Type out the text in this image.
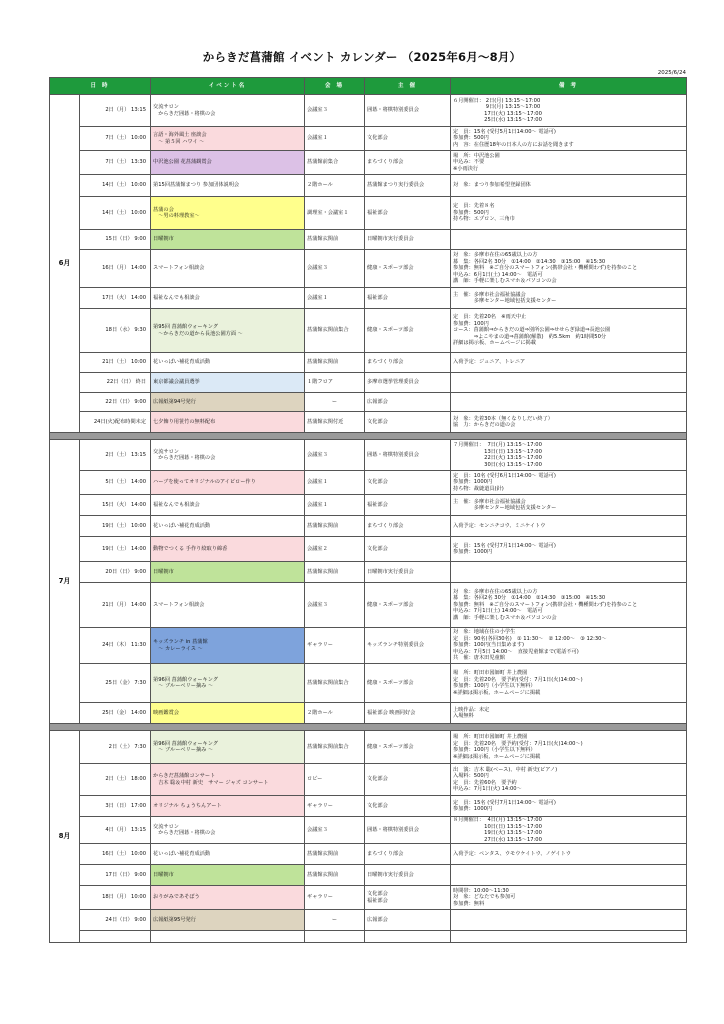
からきだ菖蒲館 イベント カレンダー （2025年6月～8月）
2025/6/24
日 時		イベント名	会 場	主 催	備 考
6月	2日（月） 13:15	交流サロン
　からきだ囲碁・将棋の会	会議室３	囲碁・将棋特別委員会	６月開催日： 2日(月) 13:15～17:00
　　　　　　 9日(月) 13:15～17:00
　　　　　　17日(火) 13:15～17:00
　　　　　　25日(水) 13:15～17:00

	7日（土） 10:00	言語・海外風土 座談会
　～ 第５回 ハワイ ～	会議室１	文化部会	定　員：15名 (受付5月1日14:00～ 電話可)
参加費：500円
内　容：在住歴18年の日本人の方にお話を聞きます

	7日（土） 13:30	中沢池公園 花菖蒲観賞会	菖蒲館前集合	まちづくり部会	場　所：中沢池公園
申込み：不要
※小雨決行

	14日（土） 10:00	第15回菖蒲館まつり 参加団体説明会	２階ホール	菖蒲館まつり実行委員会	対　象：まつり参加希望登録団体
	14日（土） 10:00	菖蒲の会
　～男の料理教室～	調理室・会議室１	福祉部会	定　員：先着８名
参加費：500円
持ち物：エプロン、三角巾

	15日（日） 9:00	日曜朝市	菖蒲館玄関前	日曜朝市実行委員会	
	16日（月） 14:00	スマートフォン相談会	会議室３	健康・スポーツ部会	対　象：多摩市在住の65歳以上の方
募　集：各回2名 30分　①14:00　②14:30　③15:00　④15:30
参加費：無料　※ご自分のスマートフォン(携帯会社・機種問わず)を持参のこと
申込み：6月1日(土) 14:00～　電話可
講　師：手軽に楽しむスマホ＆パソコンの会

	17日（火） 14:00	福祉なんでも相談会	会議室１	福祉部会	主　催：多摩市社会福祉協議会
　　　　多摩センター地域包括支援センター

	18日（水） 9:30	第95回 菖蒲館ウォーキング
　～からきだの道から長池公園方面 ～	菖蒲館玄関前集合	健康・スポーツ部会	定　員：先着20名　※雨天中止
参加費：100円
コース：菖蒲館⇒からきだの道⇒別所公園⇒せせらぎ緑道⇒長池公園
　　　　⇒よこやまの道⇒菖蒲館(解散)　約5.5km　約1時間50分
詳細は掲示板、ホームページに掲載

	21日（土） 10:00	花いっぱい補花育成活動	菖蒲館玄関前	まちづくり部会	入荷予定：ジュニア、トレニア
	22日（日） 終日	東京都議会議員選挙	１階フロア	多摩市選挙管理委員会	
	22日（日） 9:00	広報紙第94号発行	ー	広報部会	
	24日(火)配布時間未定	七夕飾り用笹竹の無料配布	菖蒲館玄関付近	文化部会	対　象：先着30本（無くなりしだい終了）
協　力：からきだの道の会

7月	2日（土） 13:15	交流サロン
　からきだ囲碁・将棋の会	会議室３	囲碁・将棋特別委員会	７月開催日：  7日(月) 13:15～17:00
　　　　　　13日(日) 13:15～17:00
　　　　　　22日(火) 13:15～17:00
　　　　　　30日(水) 13:15～17:00

	5日（土） 14:00	ハーブを使ってオリジナルのアイピロー作り	会議室１	文化部会	定　員：10名 (受付6月1日14:00～ 電話可)
参加費：1000円
持ち物：裁縫道具(針)

	15日（火） 14:00	福祉なんでも相談会	会議室１	福祉部会	主　催：多摩市社会福祉協議会
　　　　多摩センター地域包括支援センター

	19日（土） 10:00	花いっぱい補花育成活動	菖蒲館玄関前	まちづくり部会	入荷予定：センニチコウ、ミニケイトウ
	19日（土） 14:00	動物でつくる 手作り絞取り綿香	会議室２	文化部会	定　員：15名 (受付7月1日14:00～ 電話可)
参加費：1000円

	20日（日） 9:00	日曜朝市	菖蒲館玄関前	日曜朝市実行委員会	
	21日（月） 14:00	スマートフォン相談会	会議室３	健康・スポーツ部会	対　象：多摩市在住の65歳以上の方
募　集：各回2名 30分　①14:00　②14:30　③15:00　④15:30
参加費：無料　※ご自分のスマートフォン(携帯会社・機種問わず)を持参のこと
申込み：7月1日(土) 14:00～　電話可
講　師：手軽に楽しむスマホ＆パソコンの会

	24日（木） 11:30	キッズランチ in 菖蒲館
　～ カレーライス ～	ギャラリー	キッズランチ特別委員会	対　象：地域在住の小学生
定　員：90名(各回30名)　① 11:30～　② 12:00～　③ 12:30～
参加費：100円(当日集めます)
申込み：7月5日 14:00～　直接児童館まで(電話不可)
共　催：唐木田児童館

	25日（金） 7:30	第96回 菖蒲館ウォーキング
　～ ブルーベリー摘み ～	菖蒲館玄関前集合	健康・スポーツ部会	場　所：町田市図師町 井上農園
定　員：先着20名　要予約(受付：7月1日(火)14:00～)
参加費：100円（小学生以下無料）
※詳細は掲示板、ホームページに掲載

	25日（金） 14:00	映画鑑賞会	２階ホール	福祉部会 映画同好会	上映作品：未定
入場無料

8月	2日（土） 7:30	第96回 菖蒲館ウォーキング
　～ ブルーベリー摘み ～	菖蒲館玄関前集合	健康・スポーツ部会	場　所：町田市図師町 井上農園
定　員：先着20名　要予約(受付：7月1日(火)14:00～)
参加費：100円（小学生以下無料）
※詳細は掲示板、ホームページに掲載

	2日（土） 18:00	からきだ菖蒲館コンサート
　吉木 聡＆中村 新史　サマー ジャズ コンサート	ロビー	文化部会	出　演：吉木 聡(ベース)、中村 新史(ピアノ)
入場料：500円
定　員：先着60名　要予約
申込み：7月1日(火) 14:00～

	3日（日） 17:00	オリジナル ちょうちんアート	ギャラリー	文化部会	定　員：15名 (受付7月1日14:00～ 電話可)
参加費：1000円

	4日（月） 13:15	交流サロン
　からきだ囲碁・将棋の会	会議室３	囲碁・将棋特別委員会	８月開催日：  4日(月) 13:15～17:00
　　　　　　10日(日) 13:15～17:00
　　　　　　19日(火) 13:15～17:00
　　　　　　27日(水) 13:15～17:00

	16日（土） 10:00	花いっぱい補花育成活動	菖蒲館玄関前	まちづくり部会	入荷予定：ペンタス、ウモウケイトウ、ノゲイトウ
	17日（日） 9:00	日曜朝市	菖蒲館玄関前	日曜朝市実行委員会	
	18日（月） 10:00	おりがみであそぼう	ギャラリー	文化部会
福祉部会	時間帯：10:00～11:30
対　象：どなたでも参加可
参加費：無料

	24日（日） 9:00	広報紙第95号発行	ー	広報部会	
